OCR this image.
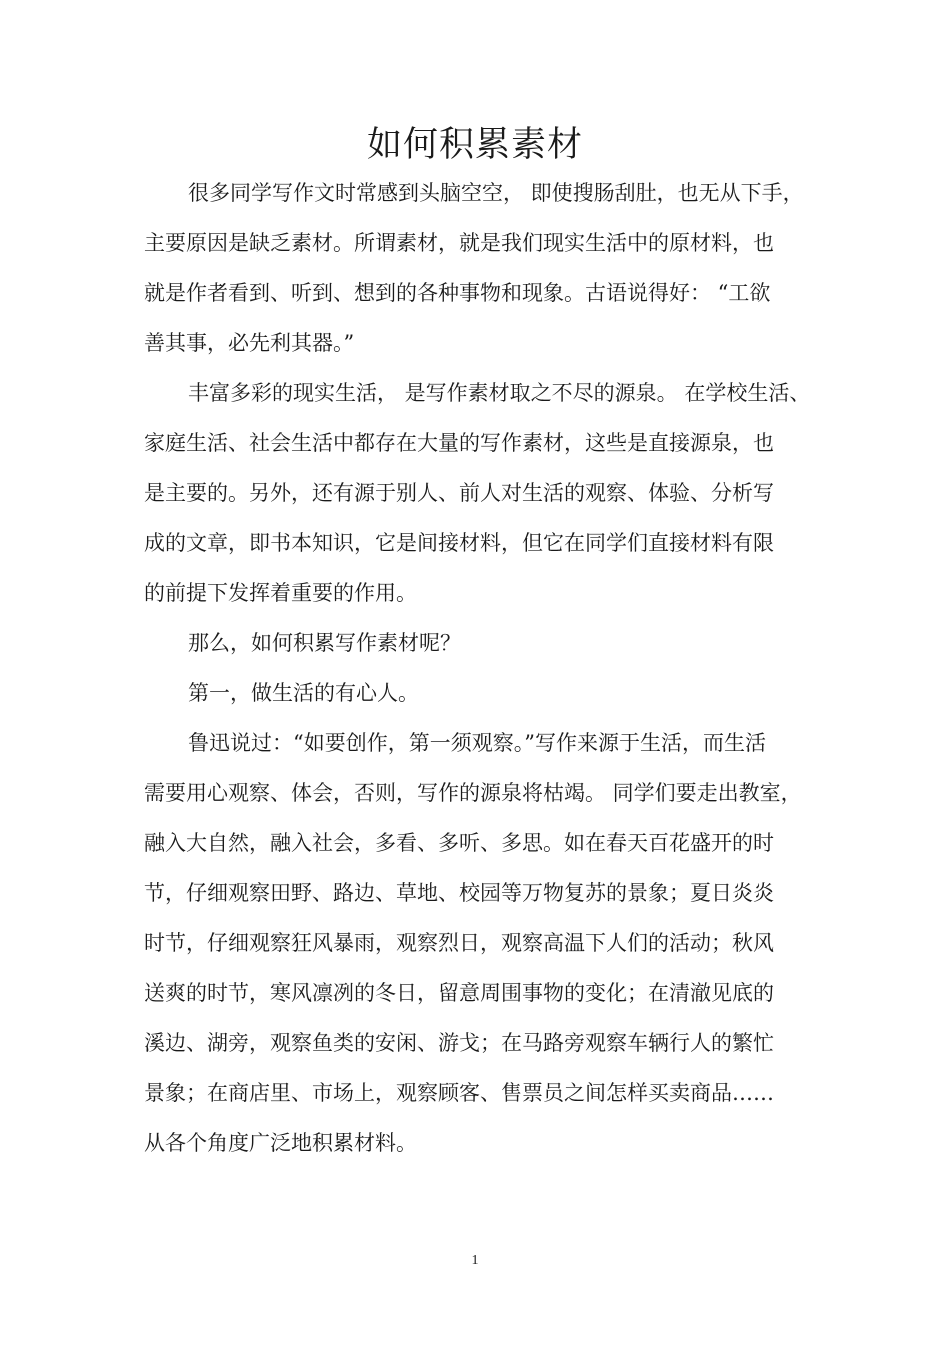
如何积累素材

很多同学写作文时常感到头脑空空， 即使搜肠刮肚，也无从下手，

主要原因是缺乏素材。所谓素材，就是我们现实生活中的原材料，也

就是作者看到、听到、想到的各种事物和现象。古语说得好： “工欲

善其事，必先利其器。”

丰富多彩的现实生活， 是写作素材取之不尽的源泉。 在学校生活、

家庭生活、社会生活中都存在大量的写作素材，这些是直接源泉，也

是主要的。另外，还有源于别人、前人对生活的观察、体验、分析写

成的文章，即书本知识，它是间接材料，但它在同学们直接材料有限

的前提下发挥着重要的作用。

那么，如何积累写作素材呢？

第一，做生活的有心人。

鲁迅说过：“如要创作，第一须观察。”写作来源于生活，而生活

需要用心观察、体会，否则，写作的源泉将枯竭。 同学们要走出教室，

融入大自然，融入社会，多看、多听、多思。如在春天百花盛开的时

节，仔细观察田野、路边、草地、校园等万物复苏的景象；夏日炎炎

时节，仔细观察狂风暴雨，观察烈日，观察高温下人们的活动；秋风

送爽的时节，寒风凛冽的冬日，留意周围事物的变化；在清澈见底的

溪边、湖旁，观察鱼类的安闲、游戈；在马路旁观察车辆行人的繁忙

景象；在商店里、市场上，观察顾客、售票员之间怎样买卖商品……

从各个角度广泛地积累材料。

1
